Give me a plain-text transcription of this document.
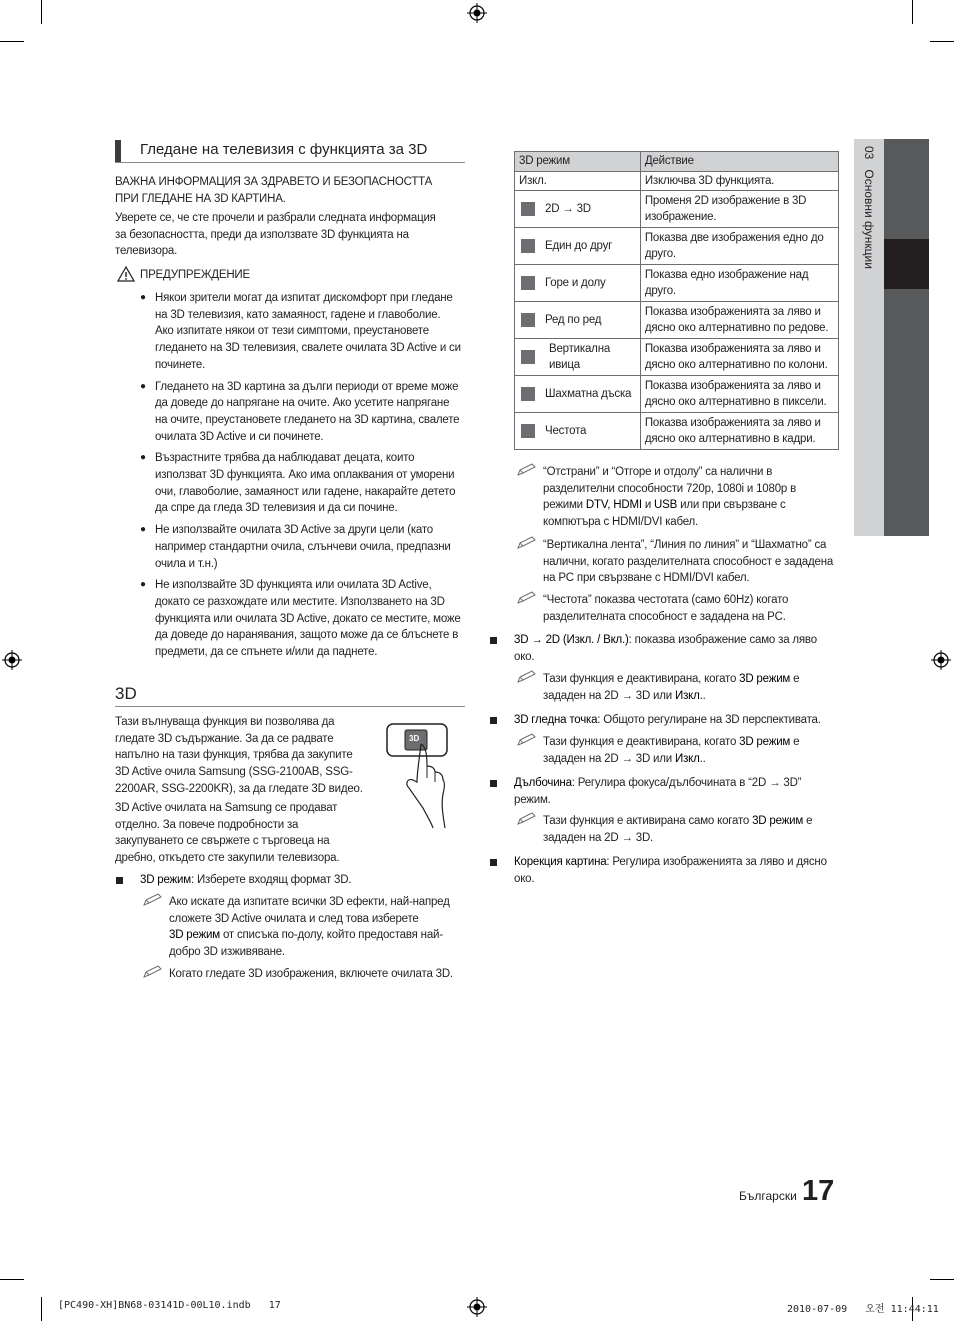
Гледане на телевизия с функцията за 3D
ВАЖНА ИНФОРМАЦИЯ ЗА ЗДРАВЕТО И БЕЗОПАСНОСТТА
ПРИ ГЛЕДАНЕ НА 3D КАРТИНА.
Уверете се, че сте прочели и разбрали следната информация
за безопасността, преди да използвате 3D функцията на
телевизора.
ПРЕДУПРЕЖДЕНИЕ
● Някои зрители могат да изпитат дискомфорт при гледане
на 3D телевизия, като замаяност, гадене и главоболие.
Ако изпитате някои от тези симптоми, преустановете
гледането на 3D телевизия, свалете очилата 3D Active и си
починете.
● Гледането на 3D картина за дълги периоди от време може
да доведе до напрягане на очите. Ако усетите напрягане
на очите, преустановете гледането на 3D картина, свалете
очилата 3D Active и си починете.
● Възрастните трябва да наблюдават децата, които
използват 3D функцията. Ако има оплаквания от уморени
очи, главоболие, замаяност или гадене, накарайте детето
да спре да гледа 3D телевизия и да си почине.
● Не използвайте очилата 3D Active за други цели (като
например стандартни очила, слънчеви очила, предпазни
очила и т.н.)
● Не използвайте 3D функцията или очилата 3D Active,
докато се разхождате или местите. Използването на 3D
функцията или очилата 3D Active, докато се местите, може
да доведе до наранявания, защото може да се блъснете в
предмети, да се спънете и/или да паднете.
3D
Тази вълнуваща функция ви позволява да
гледате 3D съдържание. За да се радвате
напълно на тази функция, трябва да закупите
3D Active очила Samsung (SSG-2100AB, SSG-
2200AR, SSG-2200KR), за да гледате 3D видео.
3D Active очилата на Samsung се продават
отделно. За повече подробности за
закупуването се свържете с търговеца на
дребно, откъдето сте закупили телевизора.
3D
3D режим: Изберете входящ формат 3D.
Ако искате да изпитате всички 3D ефекти, най-напред
сложете 3D Active очилата и след това изберете
3D режим от списъка по-долу, който предоставя най-
добро 3D изживяване.
Когато гледате 3D изображения, включете очилата 3D.
3D режим	Действие
Изкл.	Изключва 3D функцията.
2D → 3D	Променя 2D изображение в 3D
изображение.

Един до друг	Показва две изображения едно до
друго.

Горе и долу	Показва едно изображение над
друго.

Ред по ред	Показва изображенията за ляво и
дясно око алтернативно по редове.

Вертикална ивица	Показва изображенията за ляво и
дясно око алтернативно по колони.

Шахматна дъска	Показва изображенията за ляво и
дясно око алтернативно в пиксели.

Честота	Показва изображенията за ляво и
дясно око алтернативно в кадри.
“Отстрани” и “Отгоре и отдолу” са налични в
разделителни способности 720p, 1080i и 1080p в
режими DTV, HDMI и USB или при свързване с
компютъра с HDMI/DVI кабел.
“Вертикална лента”, “Линия по линия” и “Шахматно” са
налични, когато разделителната способност е зададена
на PC при свързване с HDMI/DVI кабел.
“Честота” показва честотата (само 60Hz) когато
разделителната способност е зададена на PC.
3D → 2D (Изкл. / Вкл.): показва изображение само за ляво
око.
Тази функция е деактивирана, когато 3D режим е
зададен на 2D → 3D или Изкл..
3D гледна точка: Общото регулиране на 3D перспективата.
Тази функция е деактивирана, когато 3D режим е
зададен на 2D → 3D или Изкл..
Дълбочина: Регулира фокуса/дълбочината в “2D → 3D”
режим.
Тази функция е активирана само когато 3D режим е
зададен на 2D → 3D.
Корекция картина: Регулира изображенията за ляво и дясно
око.
03Основни функции
Български 17
[PC490-XH]BN68-03141D-00L10.indb   17	2010-07-09   오전 11:44:11
